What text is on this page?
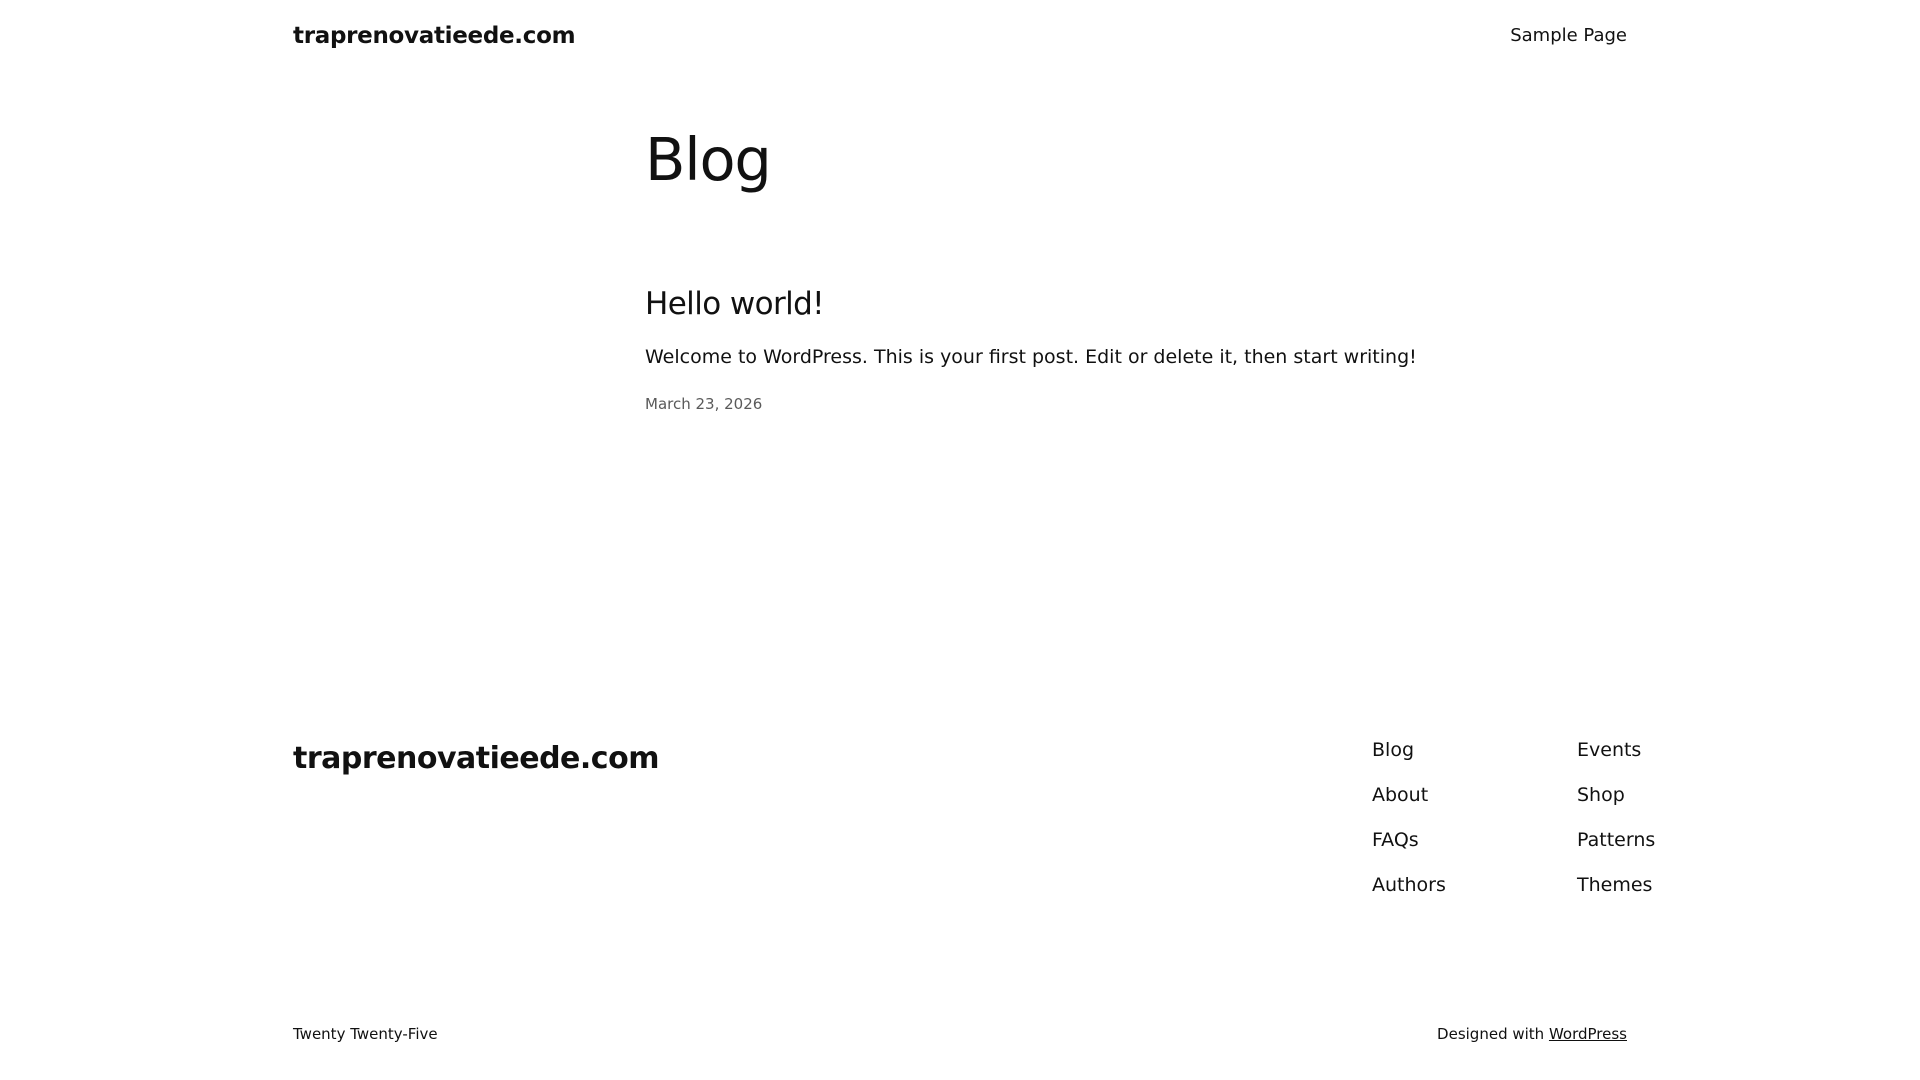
traprenovatieede.com	Sample Page
Blog
Hello world!

Welcome to WordPress. This is your first post. Edit or delete it, then start writing!

March 23, 2026
traprenovatieede.com	Blog
About
FAQs
Authors
Events
Shop
Patterns
Themes
Twenty Twenty-Five	Designed with WordPress
